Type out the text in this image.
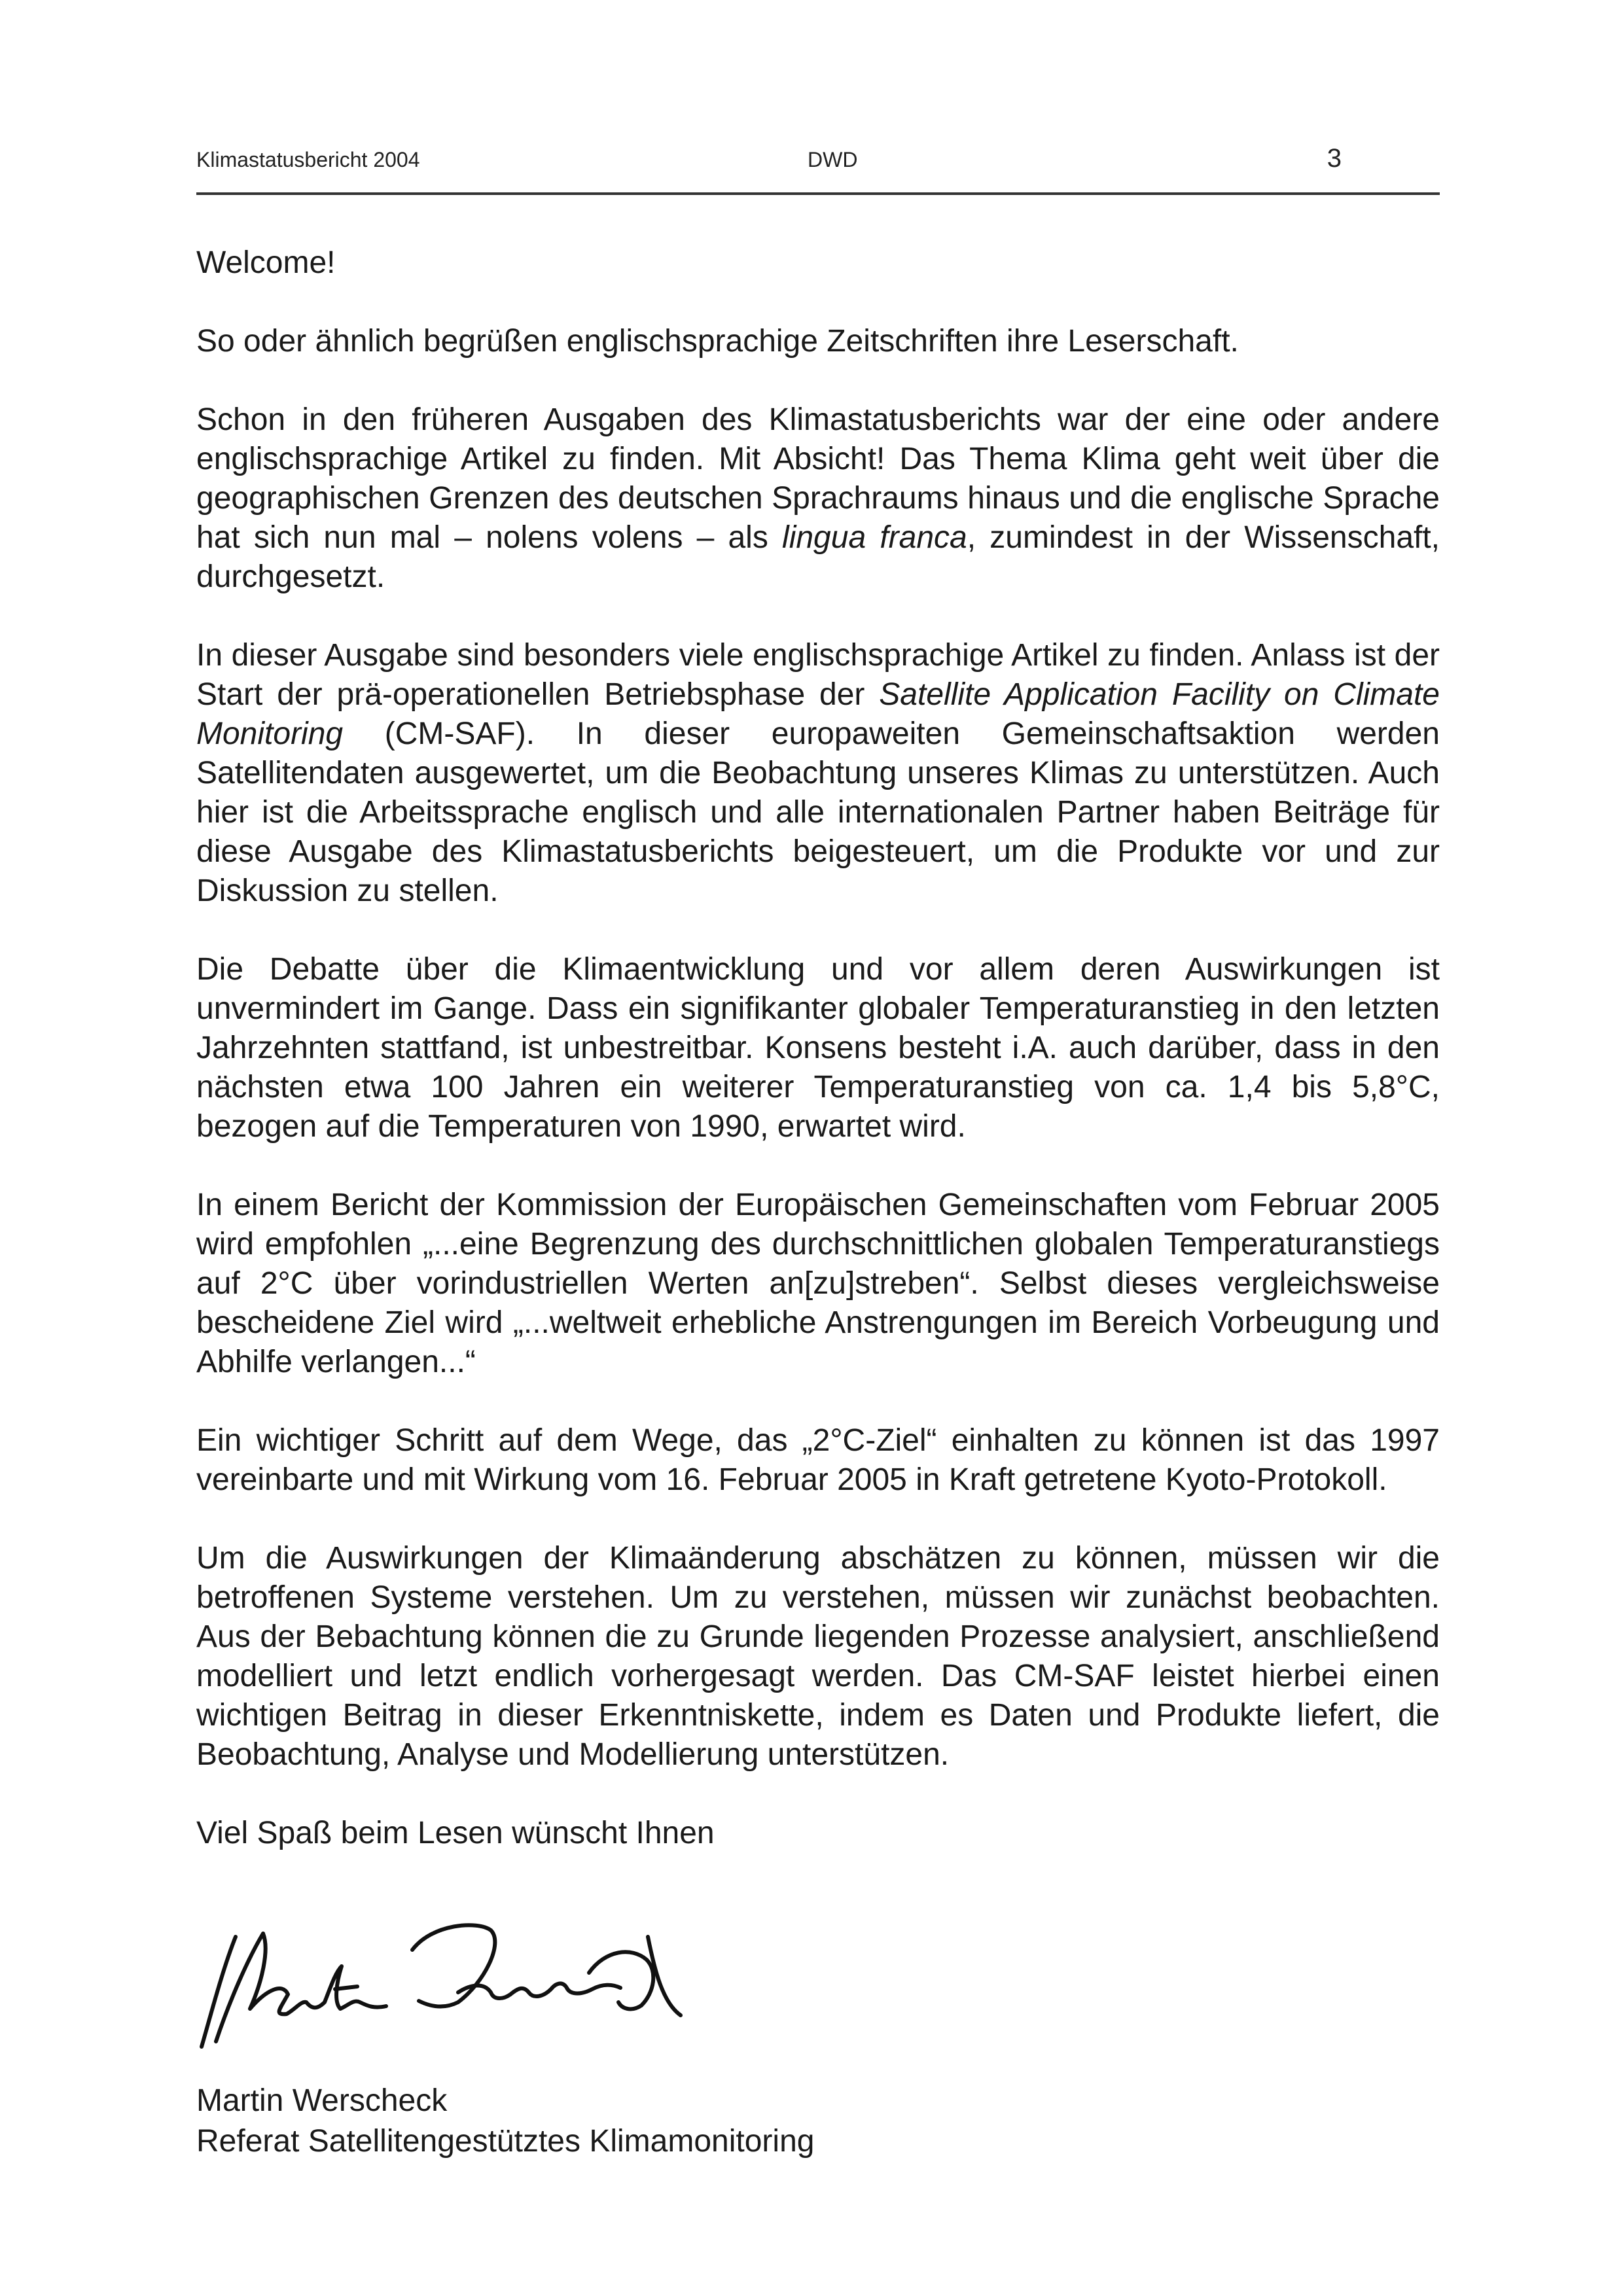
Klimastatusbericht 2004	DWD	3

Welcome!

So oder ähnlich begrüßen englischsprachige Zeitschriften ihre Leserschaft.

Schon in den früheren Ausgaben des Klimastatusberichts war der eine oder andere englischsprachige Artikel zu finden. Mit Absicht! Das Thema Klima geht weit über die geographischen Grenzen des deutschen Sprachraums hinaus und die englische Sprache hat sich nun mal – nolens volens – als lingua franca, zumindest in der Wissenschaft, durchgesetzt.

In dieser Ausgabe sind besonders viele englischsprachige Artikel zu finden. Anlass ist der Start der prä-operationellen Betriebsphase der Satellite Application Facility on Climate Monitoring (CM-SAF). In dieser europaweiten Gemeinschaftsaktion werden Satellitendaten ausgewertet, um die Beobachtung unseres Klimas zu unterstützen. Auch hier ist die Arbeitssprache englisch und alle internationalen Partner haben Beiträge für diese Ausgabe des Klimastatusberichts beigesteuert, um die Produkte vor und zur Diskussion zu stellen.

Die Debatte über die Klimaentwicklung und vor allem deren Auswirkungen ist unvermindert im Gange. Dass ein signifikanter globaler Temperaturanstieg in den letzten Jahrzehnten stattfand, ist unbestreitbar. Konsens besteht i.A. auch darüber, dass in den nächsten etwa 100 Jahren ein weiterer Temperaturanstieg von ca. 1,4 bis 5,8°C, bezogen auf die Temperaturen von 1990, erwartet wird.

In einem Bericht der Kommission der Europäischen Gemeinschaften vom Februar 2005 wird empfohlen „...eine Begrenzung des durchschnittlichen globalen Temperaturanstiegs auf 2°C über vorindustriellen Werten an[zu]streben“. Selbst dieses vergleichsweise bescheidene Ziel wird „...weltweit erhebliche Anstrengungen im Bereich Vorbeugung und Abhilfe verlangen...“

Ein wichtiger Schritt auf dem Wege, das „2°C-Ziel“ einhalten zu können ist das 1997 vereinbarte und mit Wirkung vom 16. Februar 2005 in Kraft getretene Kyoto-Protokoll.

Um die Auswirkungen der Klimaänderung abschätzen zu können, müssen wir die betroffenen Systeme verstehen. Um zu verstehen, müssen wir zunächst beobachten. Aus der Bebachtung können die zu Grunde liegenden Prozesse analysiert, anschließend modelliert und letzt endlich vorhergesagt werden. Das CM-SAF leistet hierbei einen wichtigen Beitrag in dieser Erkenntniskette, indem es Daten und Produkte liefert, die Beobachtung, Analyse und Modellierung unterstützen.

Viel Spaß beim Lesen wünscht Ihnen

Martin Werscheck
Referat Satellitengestütztes Klimamonitoring
